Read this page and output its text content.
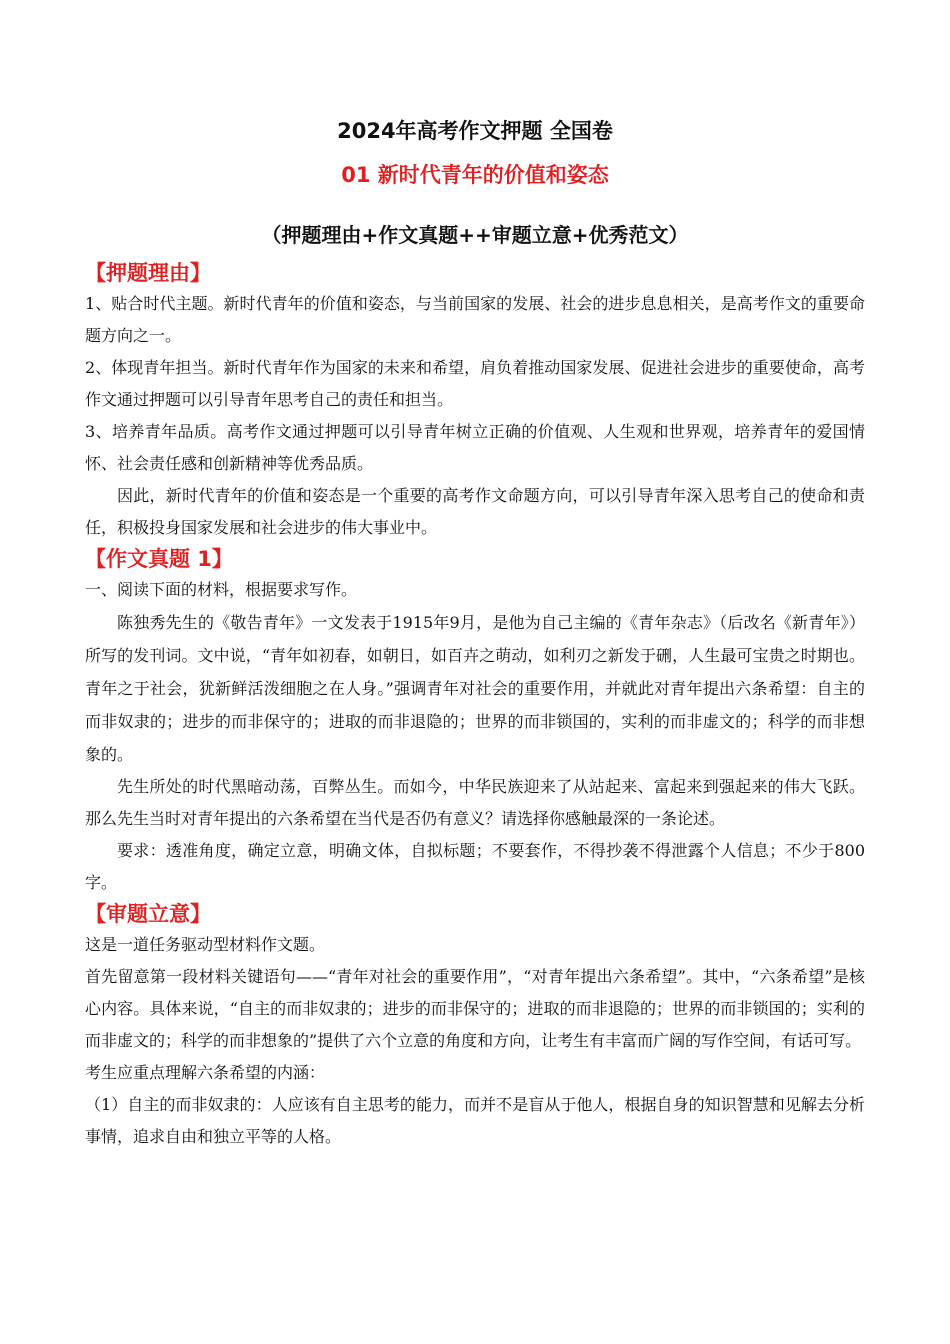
2024年高考作文押题 全国卷
01 新时代青年的价值和姿态
（押题理由+作文真题++审题立意+优秀范文）
【押题理由】

1、贴合时代主题。新时代青年的价值和姿态，与当前国家的发展、社会的进步息息相关，是高考作文的重要命题方向之一。

2、体现青年担当。新时代青年作为国家的未来和希望，肩负着推动国家发展、促进社会进步的重要使命，高考作文通过押题可以引导青年思考自己的责任和担当。

3、培养青年品质。高考作文通过押题可以引导青年树立正确的价值观、人生观和世界观，培养青年的爱国情怀、社会责任感和创新精神等优秀品质。

因此，新时代青年的价值和姿态是一个重要的高考作文命题方向，可以引导青年深入思考自己的使命和责任，积极投身国家发展和社会进步的伟大事业中。

【作文真题 1】

一、阅读下面的材料，根据要求写作。

陈独秀先生的《敬告青年》一文发表于1915年9月，是他为自己主编的《青年杂志》（后改名《新青年》）所写的发刊词。文中说，“青年如初春，如朝日，如百卉之萌动，如利刃之新发于硎，人生最可宝贵之时期也。青年之于社会，犹新鲜活泼细胞之在人身。”强调青年对社会的重要作用，并就此对青年提出六条希望：自主的而非奴隶的；进步的而非保守的；进取的而非退隐的；世界的而非锁国的，实利的而非虚文的；科学的而非想象的。

先生所处的时代黑暗动荡，百弊丛生。而如今，中华民族迎来了从站起来、富起来到强起来的伟大飞跃。那么先生当时对青年提出的六条希望在当代是否仍有意义？请选择你感触最深的一条论述。

要求：透准角度，确定立意，明确文体，自拟标题；不要套作，不得抄袭不得泄露个人信息；不少于800字。

【审题立意】

这是一道任务驱动型材料作文题。

首先留意第一段材料关键语句——“青年对社会的重要作用”，“对青年提出六条希望”。其中，“六条希望”是核心内容。具体来说，“自主的而非奴隶的；进步的而非保守的；进取的而非退隐的；世界的而非锁国的；实利的而非虚文的；科学的而非想象的”提供了六个立意的角度和方向，让考生有丰富而广阔的写作空间，有话可写。

考生应重点理解六条希望的内涵：

（1）自主的而非奴隶的：人应该有自主思考的能力，而并不是盲从于他人，根据自身的知识智慧和见解去分析事情，追求自由和独立平等的人格。
